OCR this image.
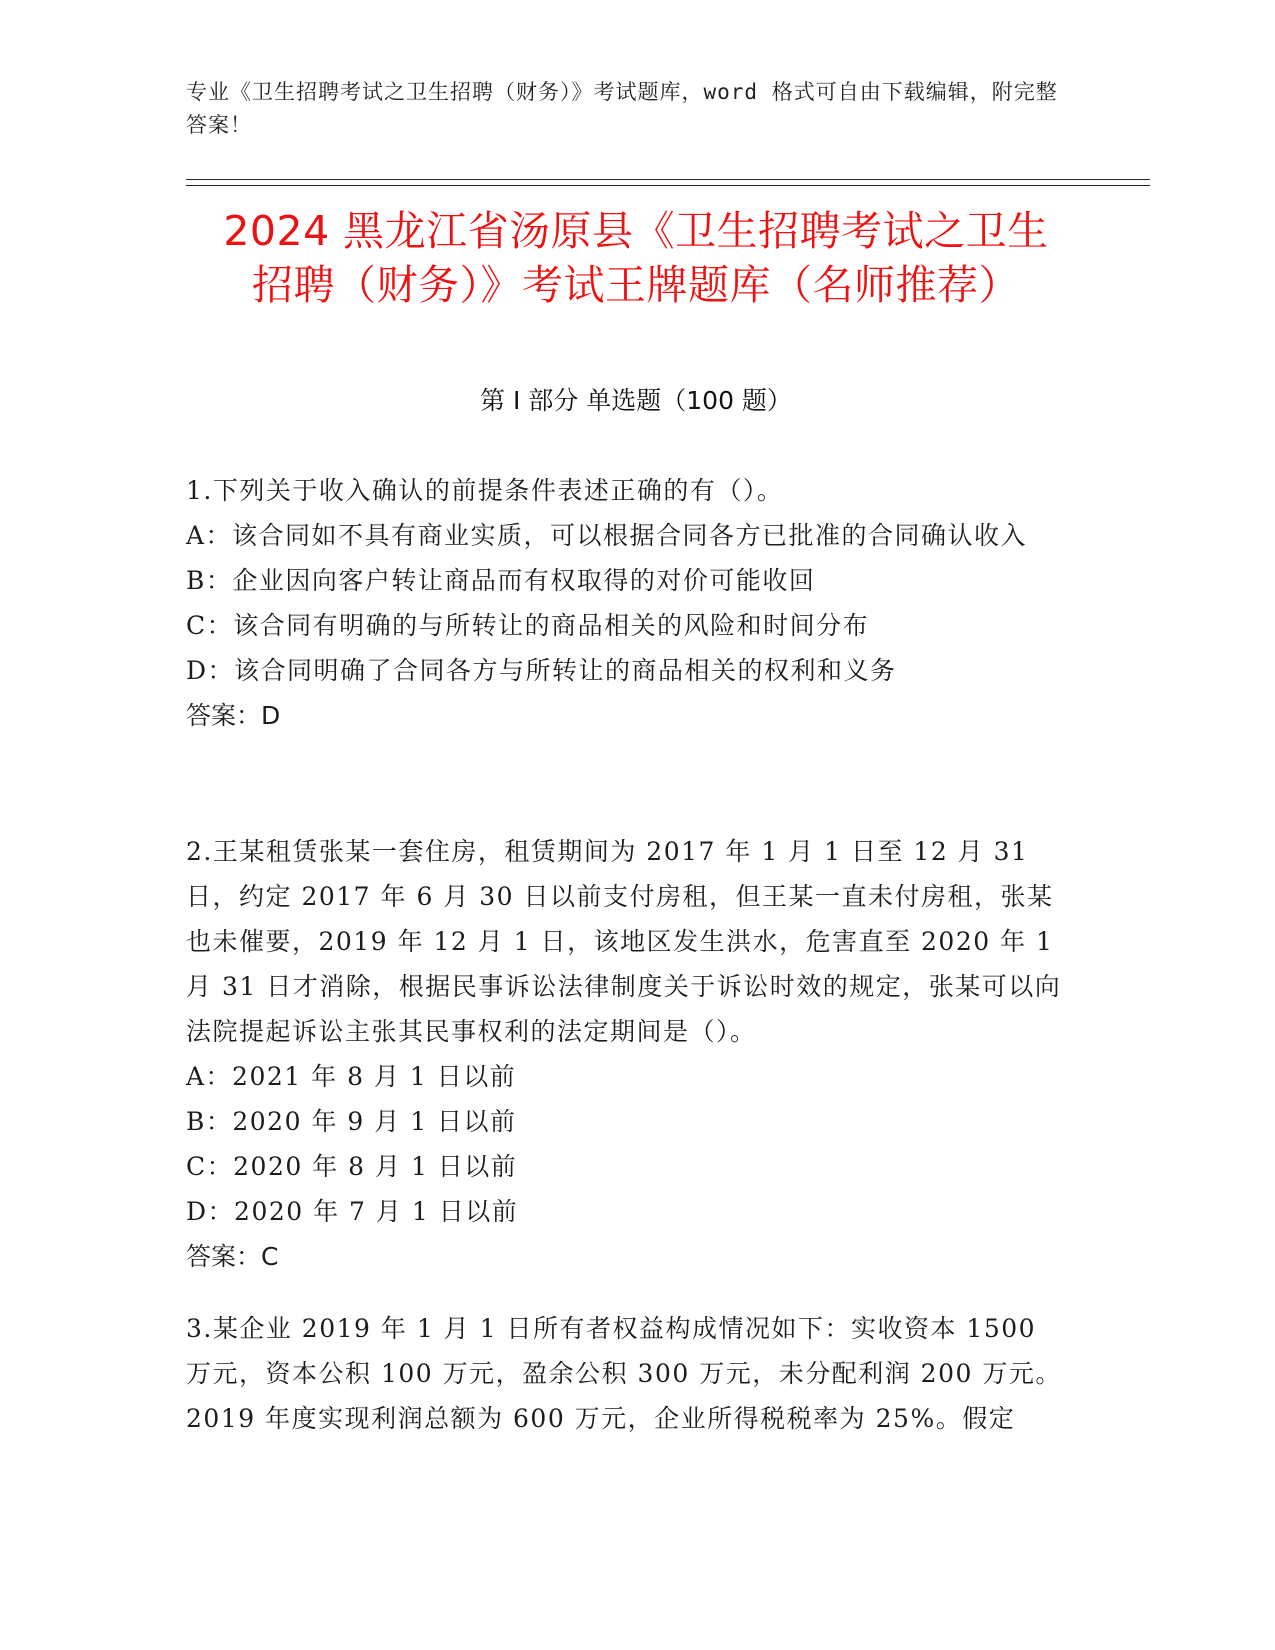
专业《卫生招聘考试之卫生招聘（财务）》考试题库，word 格式可自由下载编辑，附完整答案！
2024 黑龙江省汤原县《卫生招聘考试之卫生
招聘（财务）》考试王牌题库（名师推荐）
第 I 部分 单选题（100 题）

1.下列关于收入确认的前提条件表述正确的有（）。

A：该合同如不具有商业实质，可以根据合同各方已批准的合同确认收入

B：企业因向客户转让商品而有权取得的对价可能收回

C：该合同有明确的与所转让的商品相关的风险和时间分布

D：该合同明确了合同各方与所转让的商品相关的权利和义务

答案：D

2.王某租赁张某一套住房，租赁期间为 2017 年 1 月 1 日至 12 月 31 日，约定 2017 年 6 月 30 日以前支付房租，但王某一直未付房租，张某也未催要，2019 年 12 月 1 日，该地区发生洪水，危害直至 2020 年 1 月 31 日才消除，根据民事诉讼法律制度关于诉讼时效的规定，张某可以向法院提起诉讼主张其民事权利的法定期间是（）。

A：2021 年 8 月 1 日以前

B：2020 年 9 月 1 日以前

C：2020 年 8 月 1 日以前

D：2020 年 7 月 1 日以前

答案：C

3.某企业 2019 年 1 月 1 日所有者权益构成情况如下：实收资本 1500 万元，资本公积 100 万元，盈余公积 300 万元，未分配利润 200 万元。2019 年度实现利润总额为 600 万元，企业所得税税率为 25%。假定
